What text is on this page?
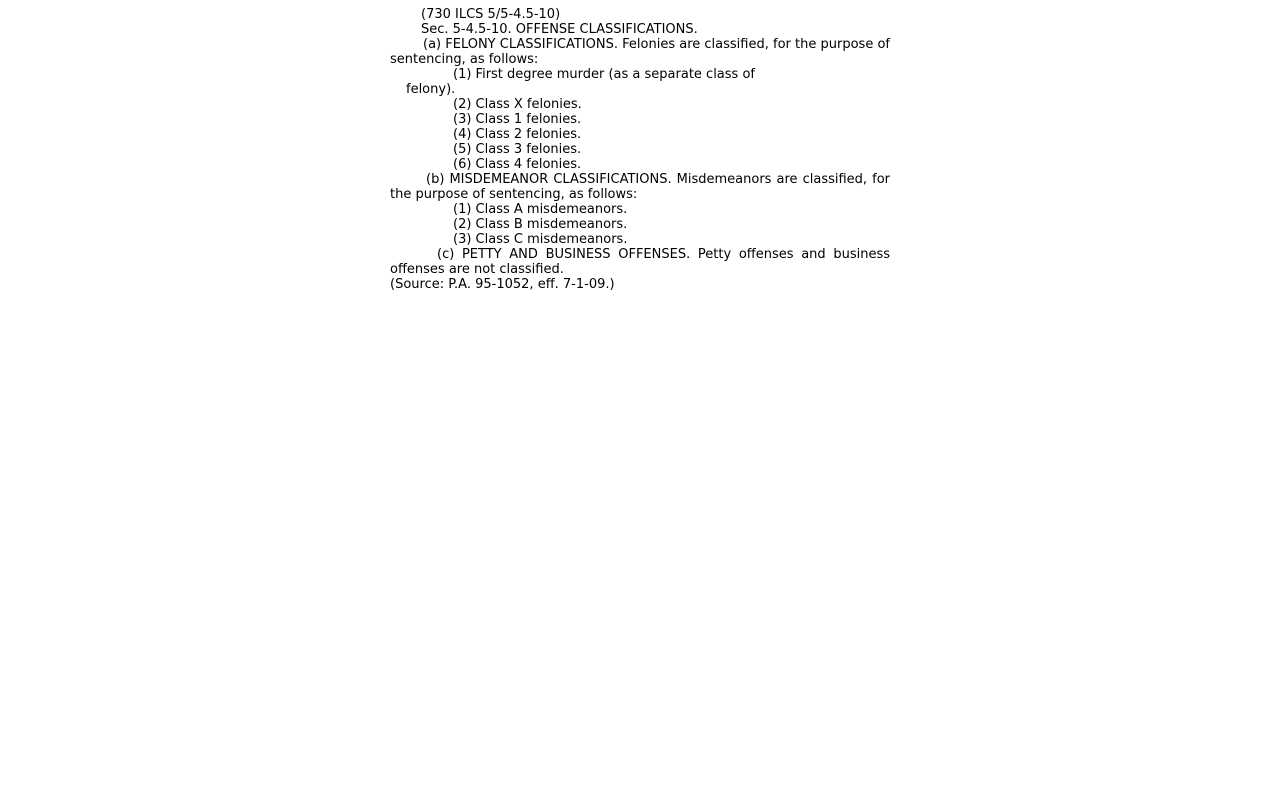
(730 ILCS 5/5-4.5-10)
Sec. 5-4.5-10. OFFENSE CLASSIFICATIONS.
(a) FELONY CLASSIFICATIONS. Felonies are classified, for the purpose of sentencing, as follows:
(1) First degree murder (as a separate class of
felony).
(2) Class X felonies.
(3) Class 1 felonies.
(4) Class 2 felonies.
(5) Class 3 felonies.
(6) Class 4 felonies.
(b) MISDEMEANOR CLASSIFICATIONS. Misdemeanors are classified, for the purpose of sentencing, as follows:
(1) Class A misdemeanors.
(2) Class B misdemeanors.
(3) Class C misdemeanors.
(c) PETTY AND BUSINESS OFFENSES. Petty offenses and business offenses are not classified.
(Source: P.A. 95-1052, eff. 7-1-09.)
